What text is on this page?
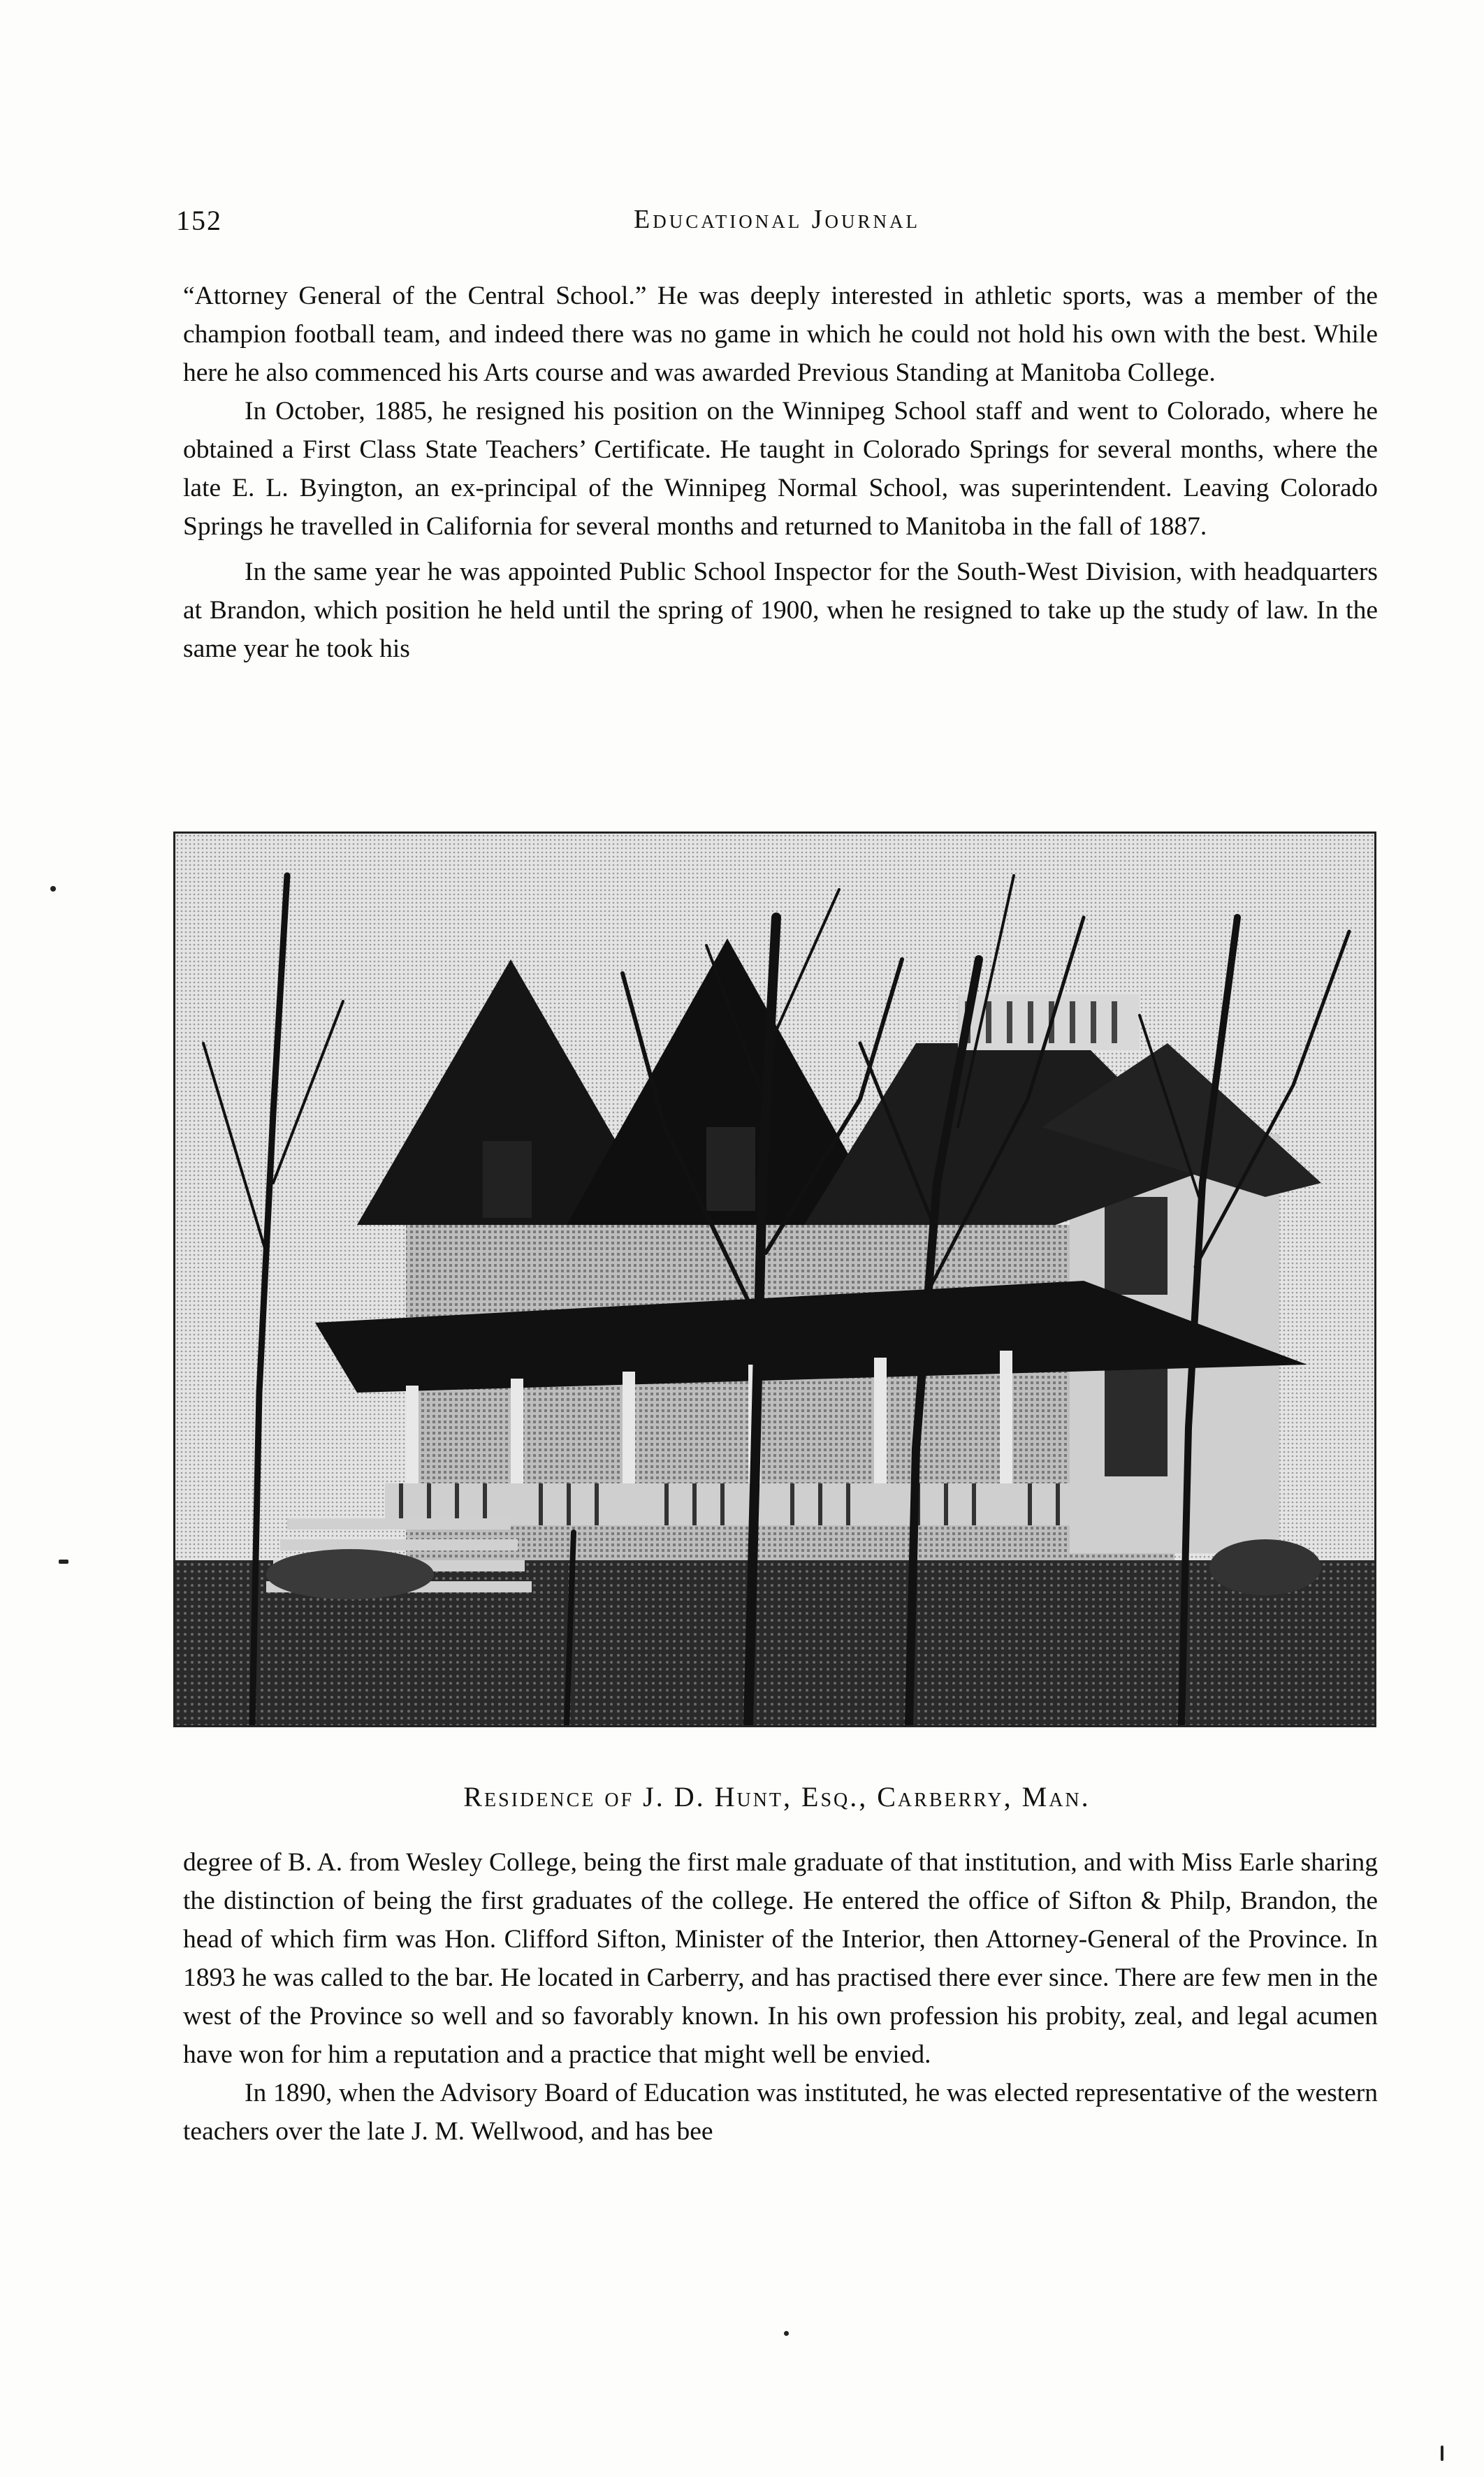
152	Educational Journal

“Attorney General of the Central School.” He was deeply interested in athletic sports, was a member of the champion football team, and indeed there was no game in which he could not hold his own with the best. While here he also commenced his Arts course and was awarded Previous Standing at Manitoba College.

In October, 1885, he resigned his position on the Winnipeg School staff and went to Colorado, where he obtained a First Class State Teachers’ Certificate. He taught in Colorado Springs for several months, where the late E. L. Byington, an ex-principal of the Winnipeg Normal School, was superintendent. Leaving Colorado Springs he travelled in California for several months and returned to Manitoba in the fall of 1887.

In the same year he was appointed Public School Inspector for the South-West Division, with headquarters at Brandon, which position he held until the spring of 1900, when he resigned to take up the study of law. In the same year he took his

Residence of J. D. Hunt, Esq., Carberry, Man.

degree of B. A. from Wesley College, being the first male graduate of that institution, and with Miss Earle sharing the distinction of being the first graduates of the college. He entered the office of Sifton & Philp, Brandon, the head of which firm was Hon. Clifford Sifton, Minister of the Interior, then Attorney-General of the Province. In 1893 he was called to the bar. He located in Carberry, and has practised there ever since. There are few men in the west of the Province so well and so favorably known. In his own profession his probity, zeal, and legal acumen have won for him a reputation and a practice that might well be envied.

In 1890, when the Advisory Board of Education was instituted, he was elected representative of the western teachers over the late J. M. Wellwood, and has bee
